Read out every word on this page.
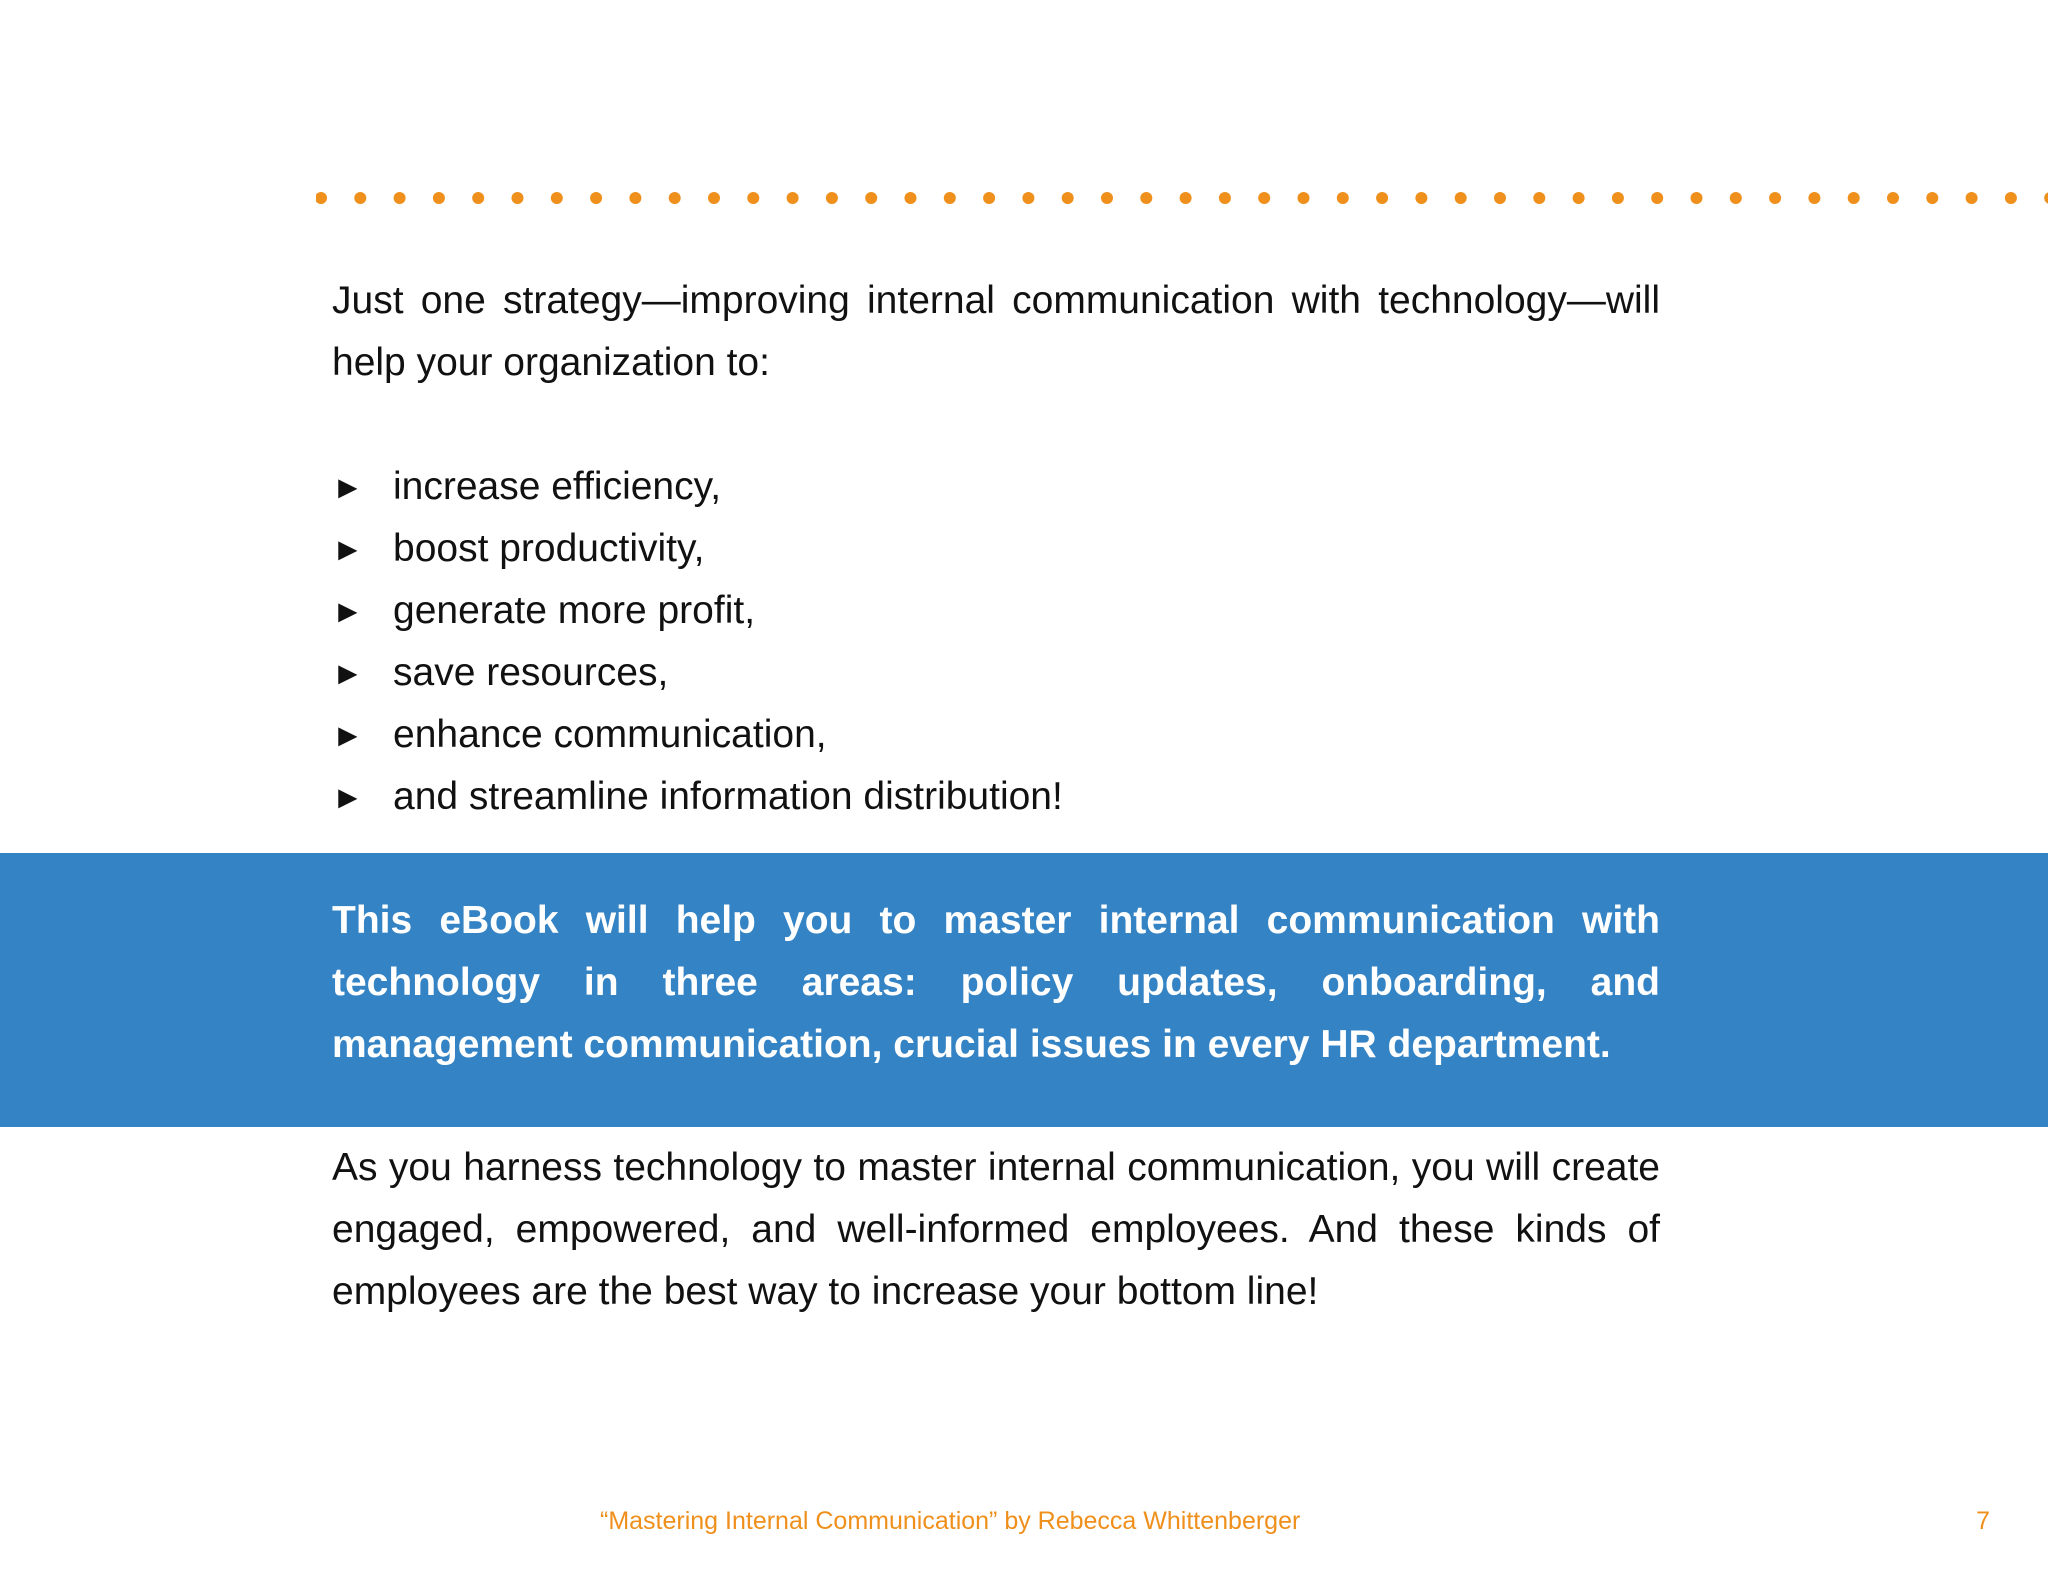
Just one strategy—improving internal communication with technology—will help your organization to:

► increase efficiency,
► boost productivity,
► generate more profit,
► save resources,
► enhance communication,
► and streamline information distribution!

This eBook will help you to master internal communication with technology in three areas: policy updates, onboarding, and management communication, crucial issues in every HR department.

As you harness technology to master internal communication, you will create engaged, empowered, and well-informed employees. And these kinds of employees are the best way to increase your bottom line!

“Mastering Internal Communication” by Rebecca Whittenberger	7
